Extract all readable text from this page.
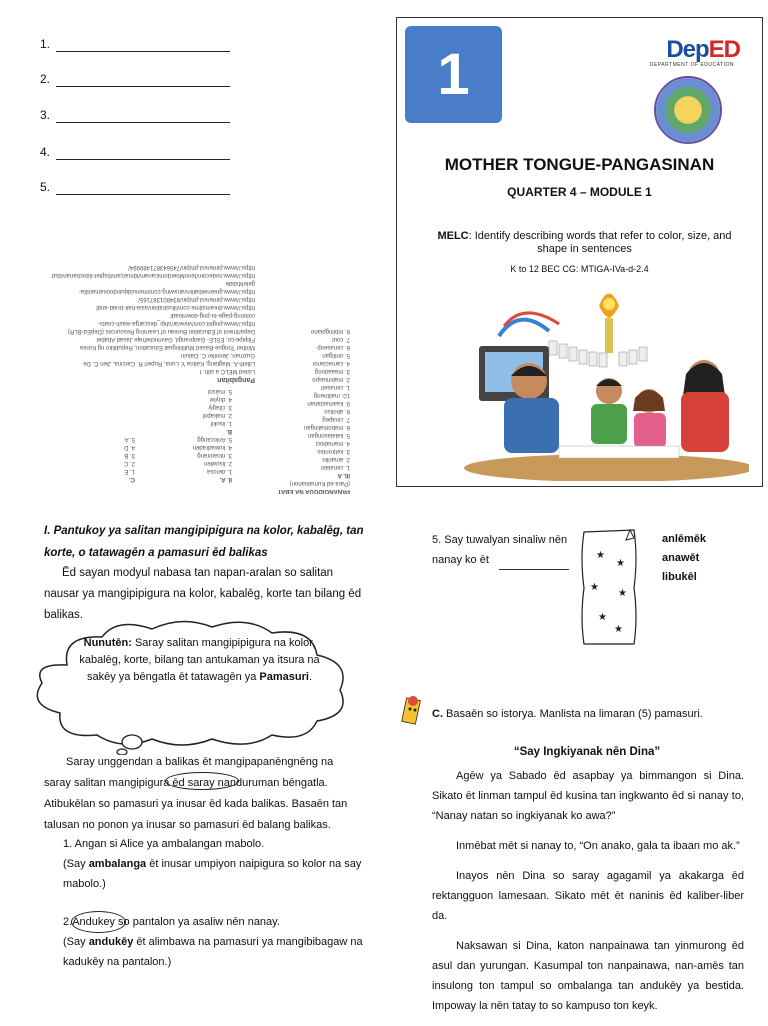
1.
2.
3.
4.
5.
PANANGIDGUA NA EBAT
(Para ed Kumaloanon)
III. A
1. cenalalo
2. amarillo
3. ketirontes
4. mamaboci
5. kalalasongan
6. mabomalingan
7. cinapeg
8. aboliso
9. kaamastanan
10. malitneng
1. cenaseit
2. mabintaspo
3. maaadong
4. camacianoi
5. ontilgan
6. cenaseop
7. coul
8. mbilngpiano
II. A.
1. derosa
2. lisuwlen
3. nloaoirang
4. kuwadraden
5. Anlocangg
B.
1. lisukil
2. makapol
3. citagiy
4. duyiw
5. maisol
C.
1. E
2. C
3. B
4. D
5. A
Pangabitan
Listed MELC a sith. I
Lilleth A. Magtang, Katina Y. Luna, Ruperl R. Carcina, Jien C. De
Guzman, Jennifer C. Datuin
Mother Tongue-Based Multilingual Education, Republiko ng Korea
Filipipe-co, ESLE- Gaoprangil, Gavrincliefraje Jasad Ababel
Department of Education Bureau of Learning Resources (DepEd-BLR)
https://www.pngkit.com/view/ar/ship_descarga-wash-coats-
coloring-page-to-png-download/
https://www.dreamstime.com/illustration/asia-hair-braid-andl
https://www.pinterest.ph/pin/834801387165/
https://www.greenwibatiinvanswing.com/menuidquindooxamanlita-
geleMsbde
https://www.nodecom/tenoMoerdomicanam/ldma/cam/bsplet-tidocbanan/dsd
https://www.pinterest.ph/pin/745643871489994/
1	DepED
DEPARTMENT OF EDUCATION
MOTHER TONGUE-PANGASINAN
QUARTER 4 – MODULE 1
MELC: Identify describing words that refer to color, size, and shape in sentences
K to 12 BEC CG: MTIGA-IVa-d-2.4
I. Pantukoy ya salitan mangipipigura na kolor, kabalēg, tan korte, o tatawagēn a pamasuri ēd balikas
Ēd sayan modyul nabasa tan napan-aralan so salitan nausar ya mangipipigura na kolor, kabalēg, korte tan bilang ēd balikas.
Nunutēn: Saray salitan mangipipigura na kolor, kabalēg, korte, bilang tan antukaman ya itsura na sakēy ya bēngatla ēt tatawagēn ya Pamasuri.
Saray unggendan a balikas ēt mangipapanēngnēng na saray salitan mangipigura ēd saray nanduruman bēngatla. Atibukēlan so pamasuri ya inusar ēd kada balikas. Basaēn tan talusan no ponon ya inusar so pamasuri ēd balang balikas.
1. Angan si Alice ya ambalangan mabolo.
(Say ambalanga ēt inusar umpiyon naipigura so kolor na say mabolo.)
2.Andukey so pantalon ya asaliw nēn nanay.
(Say andukēy ēt alimbawa na pamasuri ya mangibibagaw na kadukēy na pantalon.)
5. Say tuwalyan sinaliw nēn
nanay ko ēt	★
★
★
★
★
★
anlēmēk
anawēt
libukēl
C. Basaēn so istorya. Manlista na limaran (5) pamasuri.
“Say Ingkiyanak nēn Dina”

Agēw ya Sabado ēd asapbay ya bimmangon si Dina. Sikato ēt linman tampul ēd kusina tan ingkwanto ēd si nanay to, “Nanay natan so ingkiyanak ko awa?”

Inmēbat mēt si nanay to, “On anako, gala ta ibaan mo ak.”

Inayos nēn Dina so saray agagamil ya akakarga ēd rektangguon lamesaan. Sikato mēt ēt naninis ēd kaliber-liber da.

Naksawan si Dina, katon nanpainawa tan yinmurong ēd asul dan yurungan. Kasumpal ton nanpainawa, nan-amēs tan insulong ton tampul so ombalanga tan andukēy ya bestida. Impoway la nēn tatay to so kampuso ton keyk.
